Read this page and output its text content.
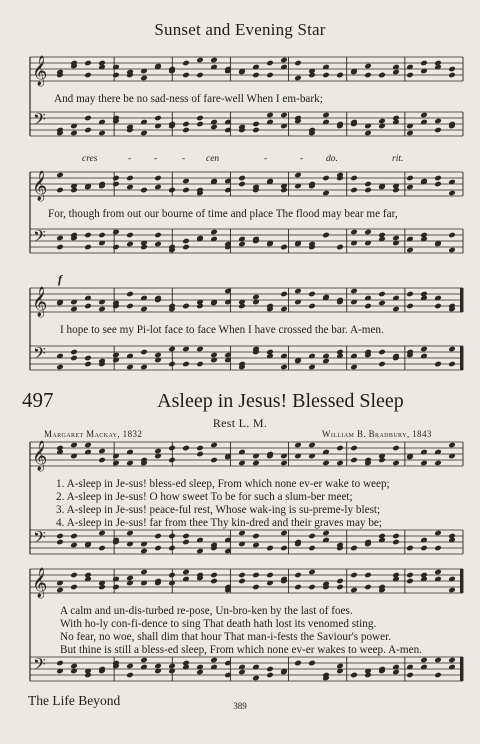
𝄞
𝄢
𝄞
𝄢
𝄞
𝄢
𝄞
𝄢
𝄞
𝄢
Sunset and Evening Star
And may there be no sad-ness of fare-well When I em-bark;
cres	- -	- cen	-	- do.	rit.
For, though from out our bourne of time and place The flood may bear me far,
f
I hope to see my Pi-lot face to face When I have crossed the bar. A-men.
497	Asleep in Jesus! Blessed Sleep
Rest L. M.
Margaret Mackay, 1832	William B. Bradbury, 1843
1. A-sleep in Je-sus! bless-ed sleep, From which none ev-er wake to weep;
2. A-sleep in Je-sus! O how sweet To be for such a slum-ber meet;
3. A-sleep in Je-sus! peace-ful rest, Whose wak-ing is su-preme-ly blest;
4. A-sleep in Je-sus! far from thee Thy kin-dred and their graves may be;
A calm and un-dis-turbed re-pose, Un-bro-ken by the last of foes.
With ho-ly con-fi-dence to sing That death hath lost its venomed sting.
No fear, no woe, shall dim that hour That man-i-fests the Saviour's power.
But thine is still a bless-ed sleep, From which none ev-er wakes to weep. A-men.
The Life Beyond	389
